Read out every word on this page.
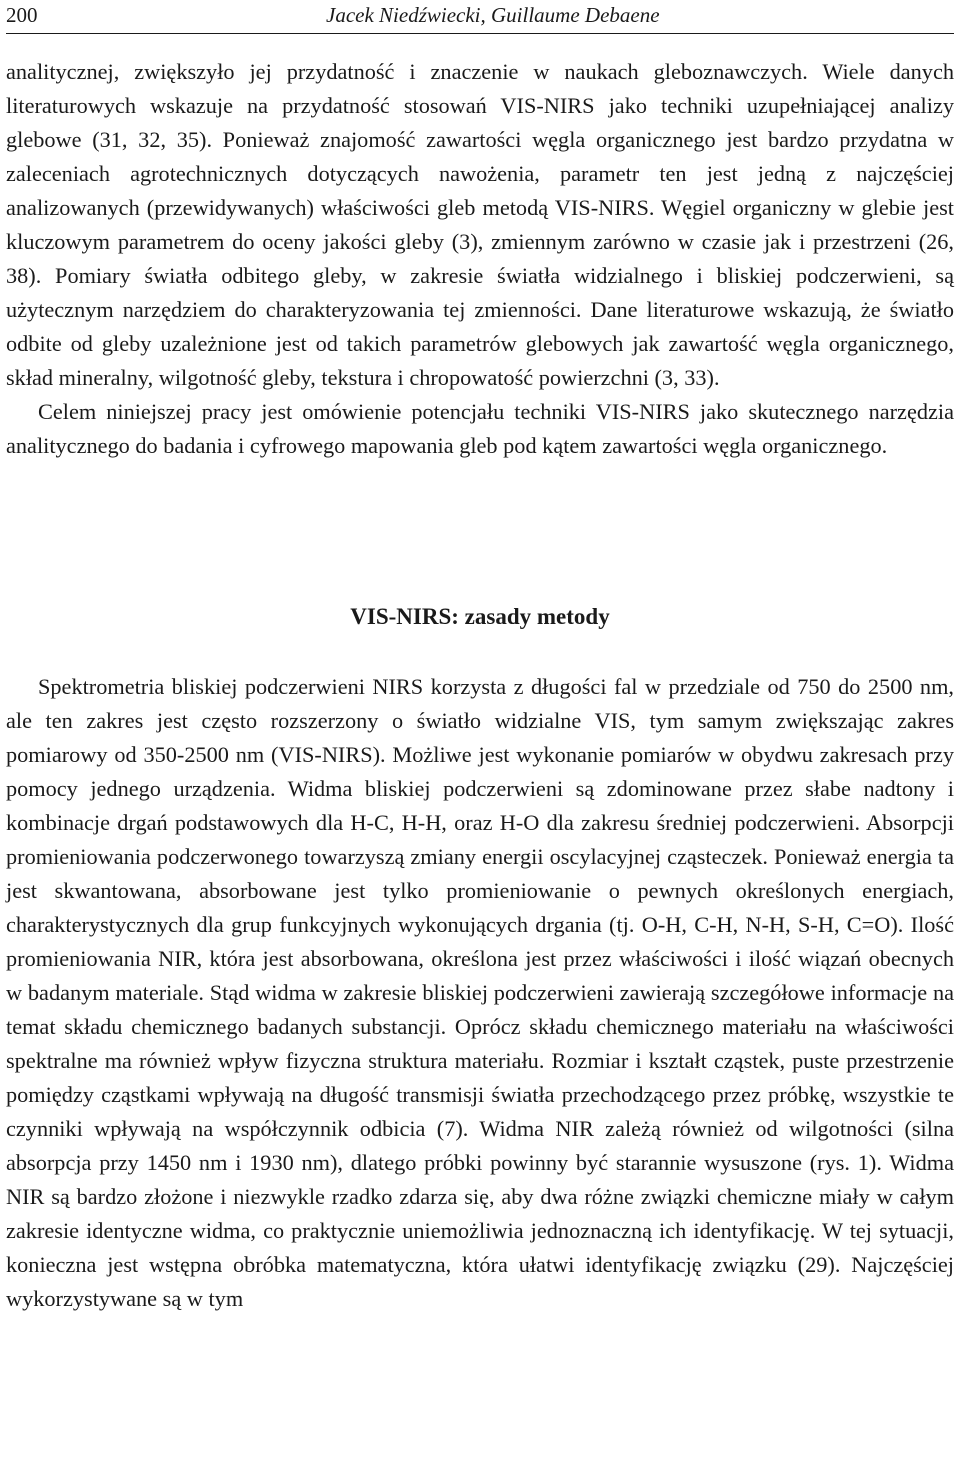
200	Jacek Niedźwiecki, Guillaume Debaene

analitycznej, zwiększyło jej przydatność i znaczenie w naukach gleboznawczych. Wiele danych literaturowych wskazuje na przydatność stosowań VIS-NIRS jako techniki uzupełniającej analizy glebowe (31, 32, 35). Ponieważ znajomość zawartości węgla organicznego jest bardzo przydatna w zaleceniach agrotechnicznych dotyczących nawożenia, parametr ten jest jedną z najczęściej analizowanych (przewidywanych) właściwości gleb metodą VIS-NIRS. Węgiel organiczny w glebie jest kluczowym parametrem do oceny jakości gleby (3), zmiennym zarówno w czasie jak i przestrzeni (26, 38). Pomiary światła odbitego gleby, w zakresie światła widzialnego i bliskiej podczerwieni, są użytecznym narzędziem do charakteryzowania tej zmienności. Dane literaturowe wskazują, że światło odbite od gleby uzależnione jest od takich parametrów glebowych jak zawartość węgla organicznego, skład mineralny, wilgotność gleby, tekstura i chropowatość powierzchni (3, 33).

Celem niniejszej pracy jest omówienie potencjału techniki VIS-NIRS jako skutecznego narzędzia analitycznego do badania i cyfrowego mapowania gleb pod kątem zawartości węgla organicznego.

VIS-NIRS: zasady metody

Spektrometria bliskiej podczerwieni NIRS korzysta z długości fal w przedziale od 750 do 2500 nm, ale ten zakres jest często rozszerzony o światło widzialne VIS, tym samym zwiększając zakres pomiarowy od 350-2500 nm (VIS-NIRS). Możliwe jest wykonanie pomiarów w obydwu zakresach przy pomocy jednego urządzenia. Widma bliskiej podczerwieni są zdominowane przez słabe nadtony i kombinacje drgań podstawowych dla H-C, H-H, oraz H-O dla zakresu średniej podczerwieni. Absorpcji promieniowania podczerwonego towarzyszą zmiany energii oscylacyjnej cząsteczek. Ponieważ energia ta jest skwantowana, absorbowane jest tylko promieniowanie o pewnych określonych energiach, charakterystycznych dla grup funkcyjnych wykonujących drgania (tj. O-H, C-H, N-H, S-H, C=O). Ilość promieniowania NIR, która jest absorbowana, określona jest przez właściwości i ilość wiązań obecnych w badanym materiale. Stąd widma w zakresie bliskiej podczerwieni zawierają szczegółowe informacje na temat składu chemicznego badanych substancji. Oprócz składu chemicznego materiału na właściwości spektralne ma również wpływ fizyczna struktura materiału. Rozmiar i kształt cząstek, puste przestrzenie pomiędzy cząstkami wpływają na długość transmisji światła przechodzącego przez próbkę, wszystkie te czynniki wpływają na współczynnik odbicia (7). Widma NIR zależą również od wilgotności (silna absorpcja przy 1450 nm i 1930 nm), dlatego próbki powinny być starannie wysuszone (rys. 1). Widma NIR są bardzo złożone i niezwykle rzadko zdarza się, aby dwa różne związki chemiczne miały w całym zakresie identyczne widma, co praktycznie uniemożliwia jednoznaczną ich identyfikację. W tej sytuacji, konieczna jest wstępna obróbka matematyczna, która ułatwi identyfikację związku (29). Najczęściej wykorzystywane są w tym
